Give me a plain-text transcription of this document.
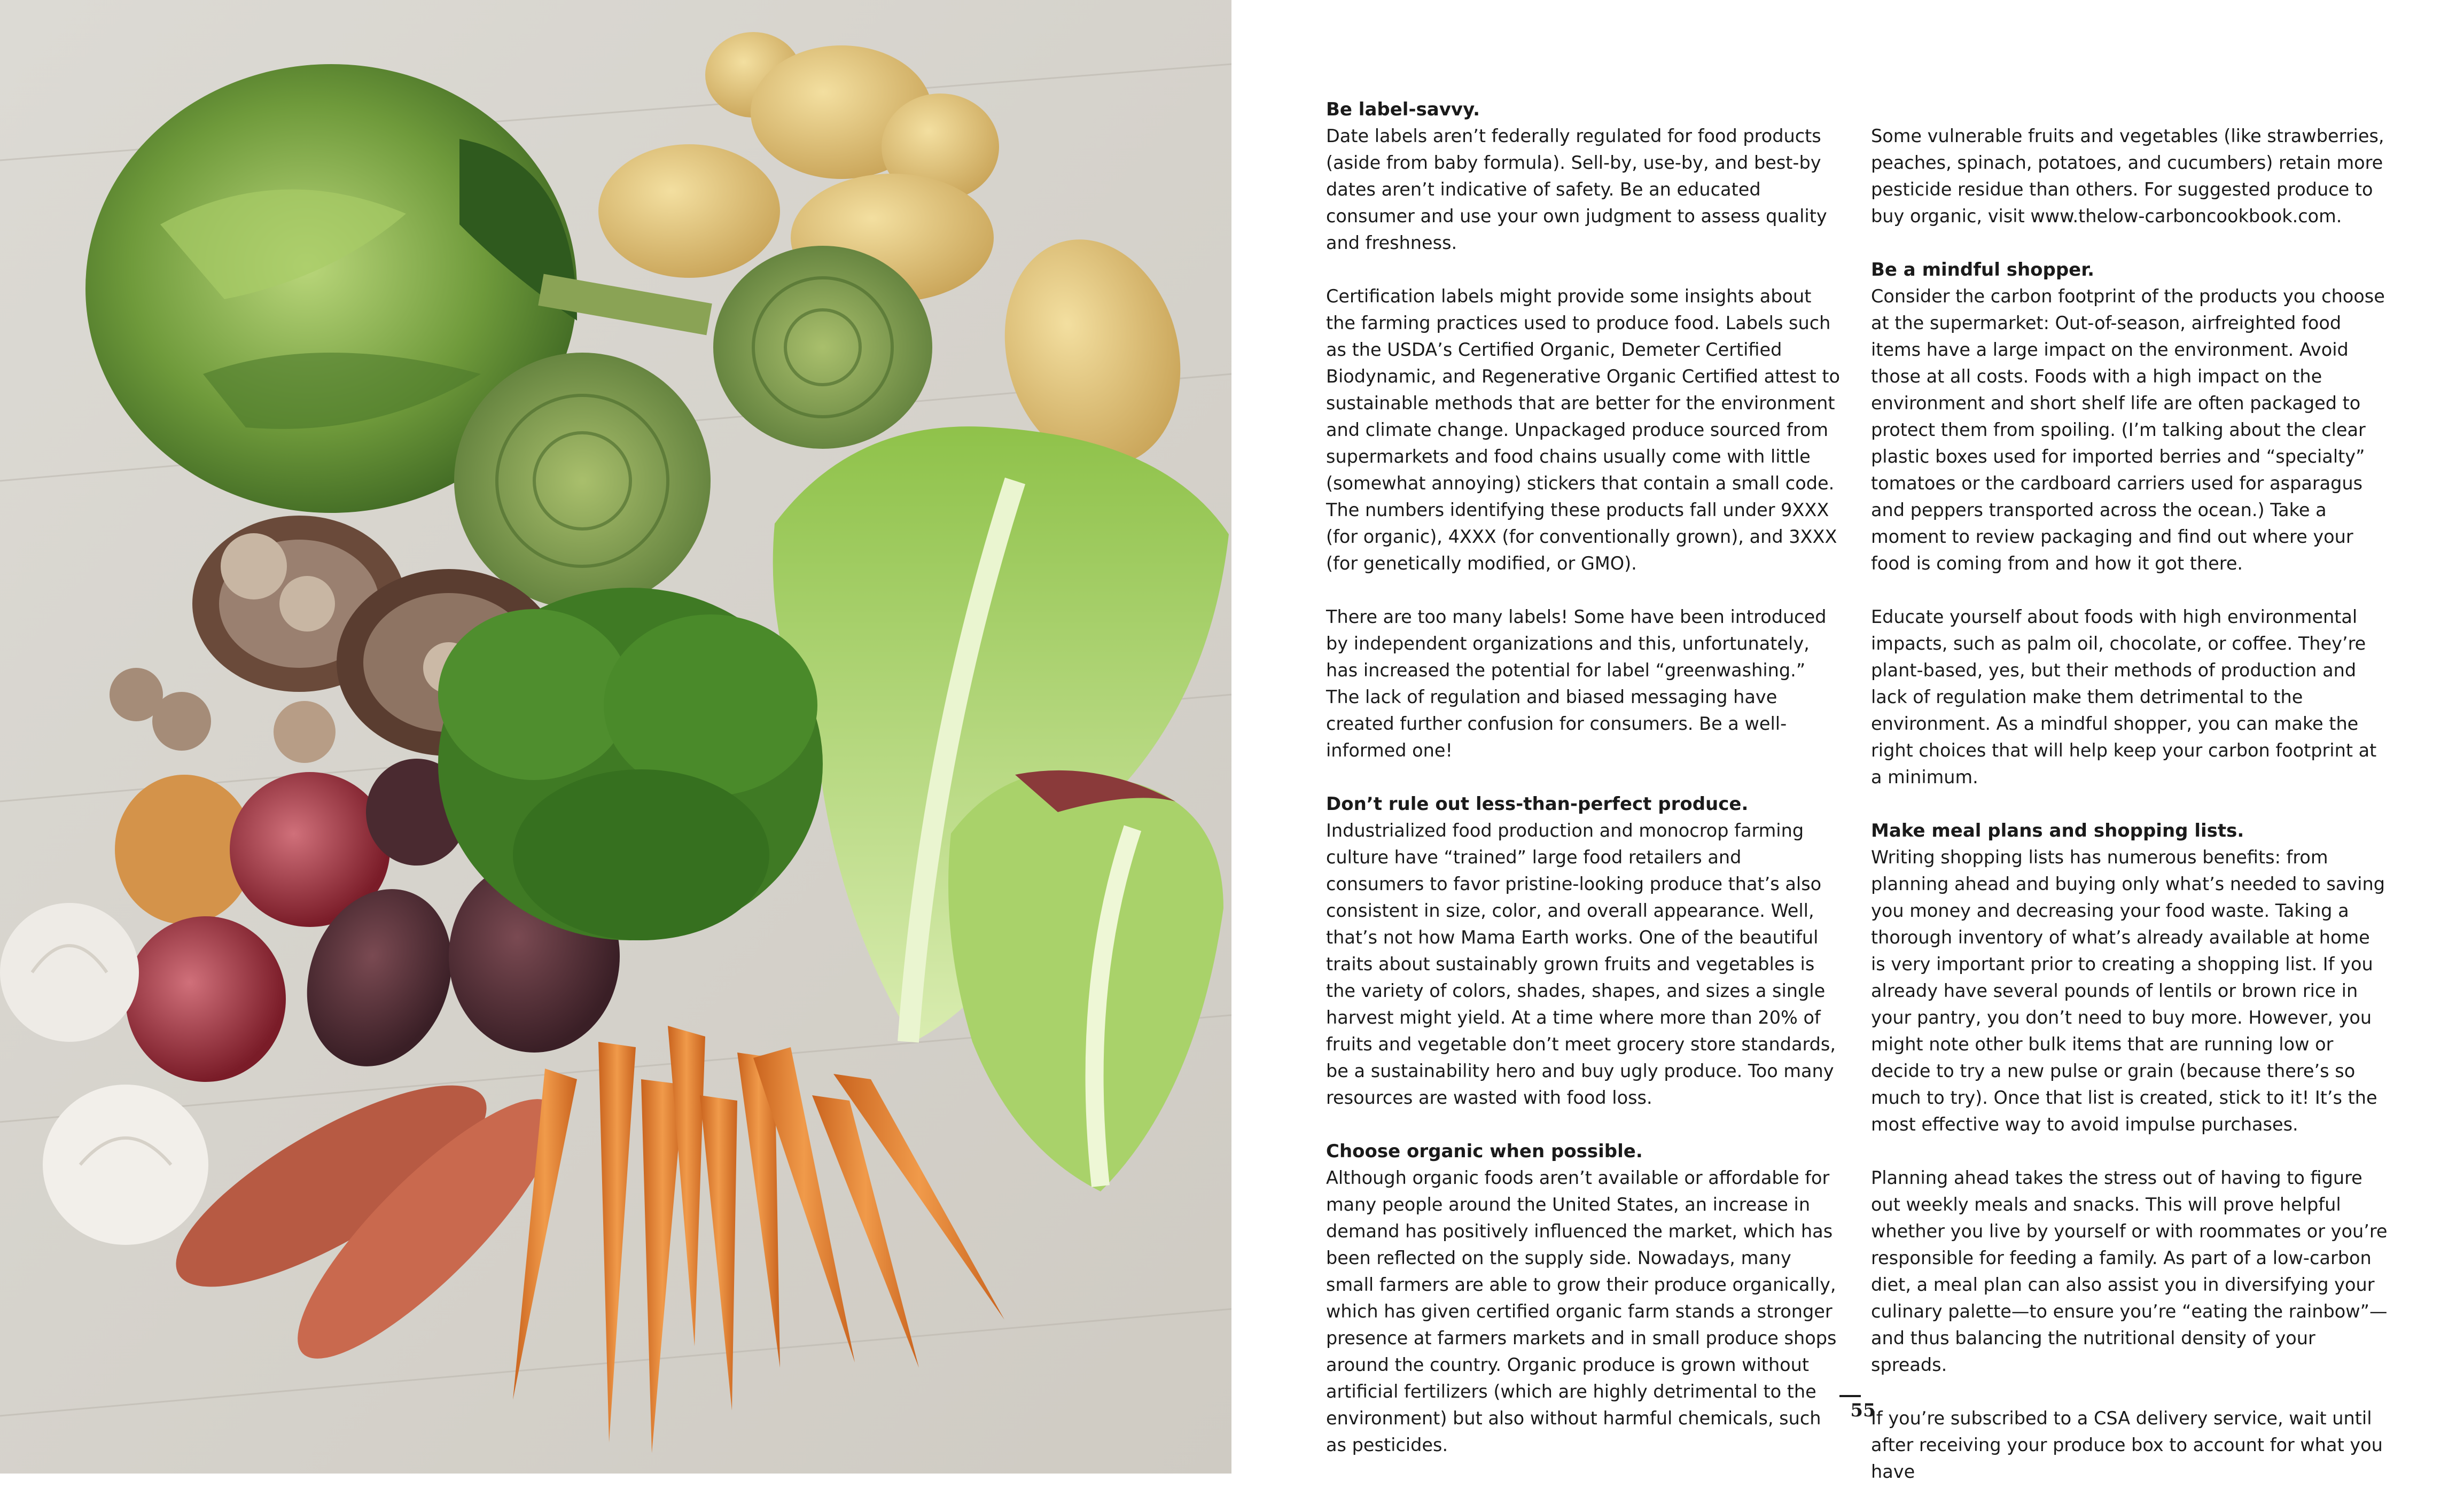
Be label-savvy.

Date labels aren’t federally regulated for food products (aside from baby formula). Sell-by, use-by, and best-by dates aren’t indicative of safety. Be an educated consumer and use your own judgment to assess quality and freshness.

Certification labels might provide some insights about the farming practices used to produce food. Labels such as the USDA’s Certified Organic, Demeter Certified Biodynamic, and Regenerative Organic Certified attest to sustainable methods that are better for the environment and climate change. Unpackaged produce sourced from supermarkets and food chains usually come with little (somewhat annoying) stickers that contain a small code. The numbers identifying these products fall under 9XXX (for organic), 4XXX (for conventionally grown), and 3XXX (for genetically modified, or GMO).

There are too many labels! Some have been introduced by independent organizations and this, unfortunately, has increased the potential for label “greenwashing.” The lack of regulation and biased messaging have created further confusion for consumers. Be a well-informed one!

Don’t rule out less-than-perfect produce.

Industrialized food production and monocrop farming culture have “trained” large food retailers and consumers to favor pristine-looking produce that’s also consistent in size, color, and overall appearance. Well, that’s not how Mama Earth works. One of the beautiful traits about sustainably grown fruits and vegetables is the variety of colors, shades, shapes, and sizes a single harvest might yield. At a time where more than 20% of fruits and vegetable don’t meet grocery store standards, be a sustainability hero and buy ugly produce. Too many resources are wasted with food loss.

Choose organic when possible.

Although organic foods aren’t available or affordable for many people around the United States, an increase in demand has positively influenced the market, which has been reflected on the supply side. Nowadays, many small farmers are able to grow their produce organically, which has given certified organic farm stands a stronger presence at farmers markets and in small produce shops around the country. Organic produce is grown without artificial fertilizers (which are highly detrimental to the environment) but also without harmful chemicals, such as pesticides.

Some vulnerable fruits and vegetables (like strawberries, peaches, spinach, potatoes, and cucumbers) retain more pesticide residue than others. For suggested produce to buy organic, visit www.thelow-carboncookbook.com.

Be a mindful shopper.

Consider the carbon footprint of the products you choose at the supermarket: Out-of-season, airfreighted food items have a large impact on the environment. Avoid those at all costs. Foods with a high impact on the environment and short shelf life are often packaged to protect them from spoiling. (I’m talking about the clear plastic boxes used for imported berries and “specialty” tomatoes or the cardboard carriers used for asparagus and peppers transported across the ocean.) Take a moment to review packaging and find out where your food is coming from and how it got there.

Educate yourself about foods with high environmental impacts, such as palm oil, chocolate, or coffee. They’re plant-based, yes, but their methods of production and lack of regulation make them detrimental to the environment. As a mindful shopper, you can make the right choices that will help keep your carbon footprint at a minimum.

Make meal plans and shopping lists.

Writing shopping lists has numerous benefits: from planning ahead and buying only what’s needed to saving you money and decreasing your food waste. Taking a thorough inventory of what’s already available at home is very important prior to creating a shopping list. If you already have several pounds of lentils or brown rice in your pantry, you don’t need to buy more. However, you might note other bulk items that are running low or decide to try a new pulse or grain (because there’s so much to try). Once that list is created, stick to it! It’s the most effective way to avoid impulse purchases.

Planning ahead takes the stress out of having to figure out weekly meals and snacks. This will prove helpful whether you live by yourself or with roommates or you’re responsible for feeding a family. As part of a low-carbon diet, a meal plan can also assist you in diversifying your culinary palette—to ensure you’re “eating the rainbow”—and thus balancing the nutritional density of your spreads.

If you’re subscribed to a CSA delivery service, wait until after receiving your produce box to account for what you have

55
